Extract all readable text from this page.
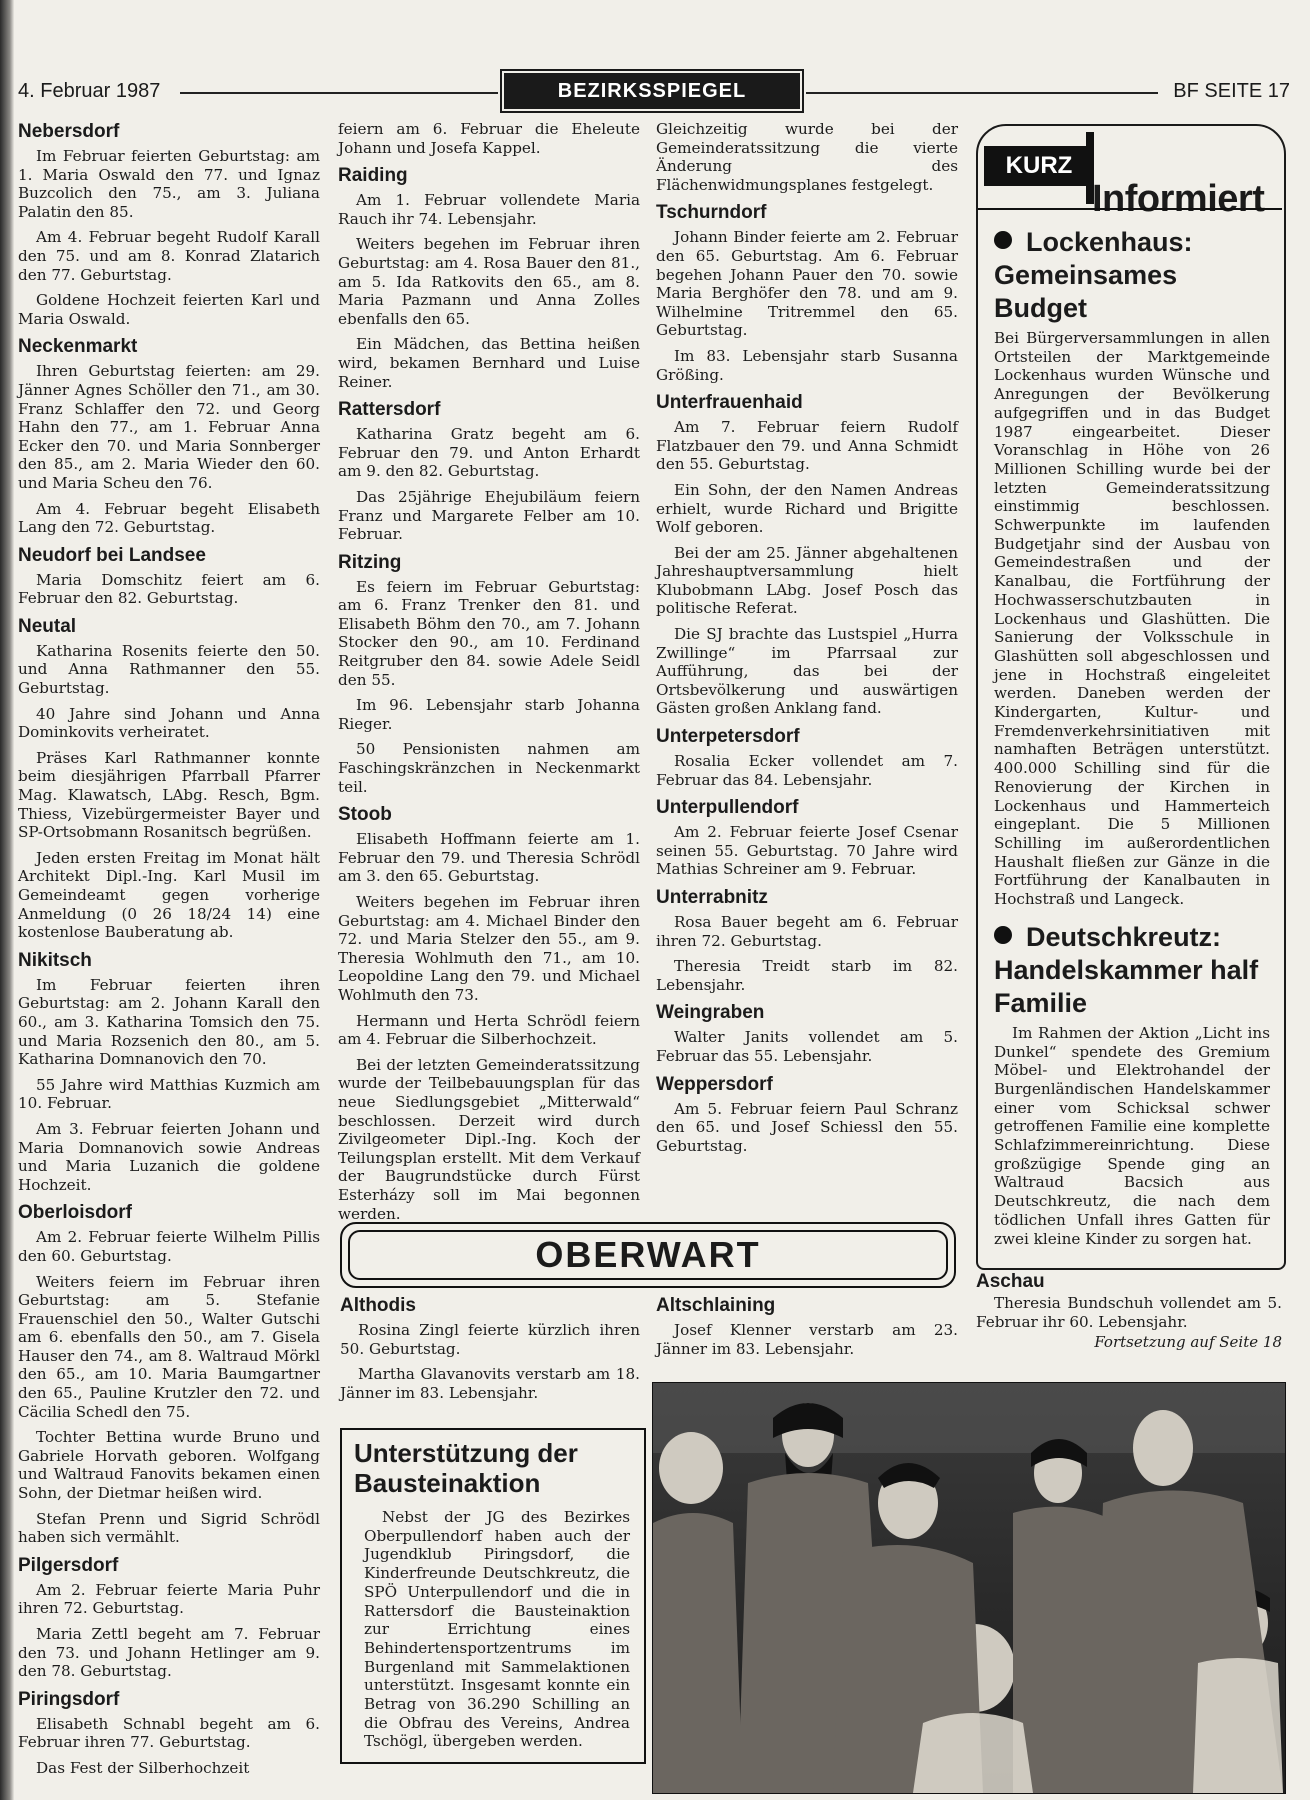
4. Februar 1987	BEZIRKSSPIEGEL	BF SEITE 17
Nebersdorf
Im Februar feierten Geburtstag: am 1. Maria Oswald den 77. und Ignaz Buzcolich den 75., am 3. Juliana Palatin den 85.
Am 4. Februar begeht Rudolf Karall den 75. und am 8. Konrad Zlatarich den 77. Geburtstag.
Goldene Hochzeit feierten Karl und Maria Oswald.
Neckenmarkt
Ihren Geburtstag feierten: am 29. Jänner Agnes Schöller den 71., am 30. Franz Schlaffer den 72. und Georg Hahn den 77., am 1. Februar Anna Ecker den 70. und Maria Sonnberger den 85., am 2. Maria Wieder den 60. und Maria Scheu den 76.
Am 4. Februar begeht Elisabeth Lang den 72. Geburtstag.
Neudorf bei Landsee
Maria Domschitz feiert am 6. Februar den 82. Geburtstag.
Neutal
Katharina Rosenits feierte den 50. und Anna Rathmanner den 55. Geburtstag.
40 Jahre sind Johann und Anna Dominkovits verheiratet.
Präses Karl Rathmanner konnte beim diesjährigen Pfarrball Pfarrer Mag. Klawatsch, LAbg. Resch, Bgm. Thiess, Vizebürgermeister Bayer und SP-Ortsobmann Rosanitsch begrüßen.
Jeden ersten Freitag im Monat hält Architekt Dipl.-Ing. Karl Musil im Gemeindeamt gegen vorherige Anmeldung (0 26 18/24 14) eine kostenlose Bauberatung ab.
Nikitsch
Im Februar feierten ihren Geburtstag: am 2. Johann Karall den 60., am 3. Katharina Tomsich den 75. und Maria Rozsenich den 80., am 5. Katharina Domnanovich den 70.
55 Jahre wird Matthias Kuzmich am 10. Februar.
Am 3. Februar feierten Johann und Maria Domnanovich sowie Andreas und Maria Luzanich die goldene Hochzeit.
Oberloisdorf
Am 2. Februar feierte Wilhelm Pillis den 60. Geburtstag.
Weiters feiern im Februar ihren Geburtstag: am 5. Stefanie Frauenschiel den 50., Walter Gutschi am 6. ebenfalls den 50., am 7. Gisela Hauser den 74., am 8. Waltraud Mörkl den 65., am 10. Maria Baumgartner den 65., Pauline Krutzler den 72. und Cäcilia Schedl den 75.
Tochter Bettina wurde Bruno und Gabriele Horvath geboren. Wolfgang und Waltraud Fanovits bekamen einen Sohn, der Dietmar heißen wird.
Stefan Prenn und Sigrid Schrödl haben sich vermählt.
Pilgersdorf
Am 2. Februar feierte Maria Puhr ihren 72. Geburtstag.
Maria Zettl begeht am 7. Februar den 73. und Johann Hetlinger am 9. den 78. Geburtstag.
Piringsdorf
Elisabeth Schnabl begeht am 6. Februar ihren 77. Geburtstag.
Das Fest der Silberhochzeit
feiern am 6. Februar die Eheleute Johann und Josefa Kappel.
Raiding
Am 1. Februar vollendete Maria Rauch ihr 74. Lebensjahr.
Weiters begehen im Februar ihren Geburtstag: am 4. Rosa Bauer den 81., am 5. Ida Ratkovits den 65., am 8. Maria Pazmann und Anna Zolles ebenfalls den 65.
Ein Mädchen, das Bettina heißen wird, bekamen Bernhard und Luise Reiner.
Rattersdorf
Katharina Gratz begeht am 6. Februar den 79. und Anton Erhardt am 9. den 82. Geburtstag.
Das 25jährige Ehejubiläum feiern Franz und Margarete Felber am 10. Februar.
Ritzing
Es feiern im Februar Geburtstag: am 6. Franz Trenker den 81. und Elisabeth Böhm den 70., am 7. Johann Stocker den 90., am 10. Ferdinand Reitgruber den 84. sowie Adele Seidl den 55.
Im 96. Lebensjahr starb Johanna Rieger.
50 Pensionisten nahmen am Faschingskränzchen in Neckenmarkt teil.
Stoob
Elisabeth Hoffmann feierte am 1. Februar den 79. und Theresia Schrödl am 3. den 65. Geburtstag.
Weiters begehen im Februar ihren Geburtstag: am 4. Michael Binder den 72. und Maria Stelzer den 55., am 9. Theresia Wohlmuth den 71., am 10. Leopoldine Lang den 79. und Michael Wohlmuth den 73.
Hermann und Herta Schrödl feiern am 4. Februar die Silberhochzeit.
Bei der letzten Gemeinderatssitzung wurde der Teilbebauungsplan für das neue Siedlungsgebiet „Mitterwald“ beschlossen. Derzeit wird durch Zivilgeometer Dipl.-Ing. Koch der Teilungsplan erstellt. Mit dem Verkauf der Baugrundstücke durch Fürst Esterházy soll im Mai begonnen werden.
Gleichzeitig wurde bei der Gemeinderatssitzung die vierte Änderung des Flächenwidmungsplanes festgelegt.
Tschurndorf
Johann Binder feierte am 2. Februar den 65. Geburtstag. Am 6. Februar begehen Johann Pauer den 70. sowie Maria Berghöfer den 78. und am 9. Wilhelmine Tritremmel den 65. Geburtstag.
Im 83. Lebensjahr starb Susanna Größing.
Unterfrauenhaid
Am 7. Februar feiern Rudolf Flatzbauer den 79. und Anna Schmidt den 55. Geburtstag.
Ein Sohn, der den Namen Andreas erhielt, wurde Richard und Brigitte Wolf geboren.
Bei der am 25. Jänner abgehaltenen Jahreshauptversammlung hielt Klubobmann LAbg. Josef Posch das politische Referat.
Die SJ brachte das Lustspiel „Hurra Zwillinge“ im Pfarrsaal zur Aufführung, das bei der Ortsbevölkerung und auswärtigen Gästen großen Anklang fand.
Unterpetersdorf
Rosalia Ecker vollendet am 7. Februar das 84. Lebensjahr.
Unterpullendorf
Am 2. Februar feierte Josef Csenar seinen 55. Geburtstag. 70 Jahre wird Mathias Schreiner am 9. Februar.
Unterrabnitz
Rosa Bauer begeht am 6. Februar ihren 72. Geburtstag.
Theresia Treidt starb im 82. Lebensjahr.
Weingraben
Walter Janits vollendet am 5. Februar das 55. Lebensjahr.
Weppersdorf
Am 5. Februar feiern Paul Schranz den 65. und Josef Schiessl den 55. Geburtstag.
KURZ
Informiert
Lockenhaus: Gemeinsames Budget
Bei Bürgerversammlungen in allen Ortsteilen der Marktgemeinde Lockenhaus wurden Wünsche und Anregungen der Bevölkerung aufgegriffen und in das Budget 1987 eingearbeitet. Dieser Voranschlag in Höhe von 26 Millionen Schilling wurde bei der letzten Gemeinderatssitzung einstimmig beschlossen. Schwerpunkte im laufenden Budgetjahr sind der Ausbau von Gemeindestraßen und der Kanalbau, die Fortführung der Hochwasserschutzbauten in Lockenhaus und Glashütten. Die Sanierung der Volksschule in Glashütten soll abgeschlossen und jene in Hochstraß eingeleitet werden. Daneben werden der Kindergarten, Kultur- und Fremdenverkehrsinitiativen mit namhaften Beträgen unterstützt. 400.000 Schilling sind für die Renovierung der Kirchen in Lockenhaus und Hammerteich eingeplant. Die 5 Millionen Schilling im außerordentlichen Haushalt fließen zur Gänze in die Fortführung der Kanalbauten in Hochstraß und Langeck.
Deutschkreutz: Handelskammer half Familie
Im Rahmen der Aktion „Licht ins Dunkel“ spendete des Gremium Möbel- und Elektrohandel der Burgenländischen Handelskammer einer vom Schicksal schwer getroffenen Familie eine komplette Schlafzimmereinrichtung. Diese großzügige Spende ging an Waltraud Bacsich aus Deutschkreutz, die nach dem tödlichen Unfall ihres Gatten für zwei kleine Kinder zu sorgen hat.
Aschau
Theresia Bundschuh vollendet am 5. Februar ihr 60. Lebensjahr.
Fortsetzung auf Seite 18
OBERWART
Althodis
Rosina Zingl feierte kürzlich ihren 50. Geburtstag.
Martha Glavanovits verstarb am 18. Jänner im 83. Lebensjahr.
Altschlaining
Josef Klenner verstarb am 23. Jänner im 83. Lebensjahr.
Unterstützung der Bausteinaktion
Nebst der JG des Bezirkes Oberpullendorf haben auch der Jugendklub Piringsdorf, die Kinderfreunde Deutschkreutz, die SPÖ Unterpullendorf und die in Rattersdorf die Bausteinaktion zur Errichtung eines Behindertensportzentrums im Burgenland mit Sammelaktionen unterstützt. Insgesamt konnte ein Betrag von 36.290 Schilling an die Obfrau des Vereins, Andrea Tschögl, übergeben werden.
